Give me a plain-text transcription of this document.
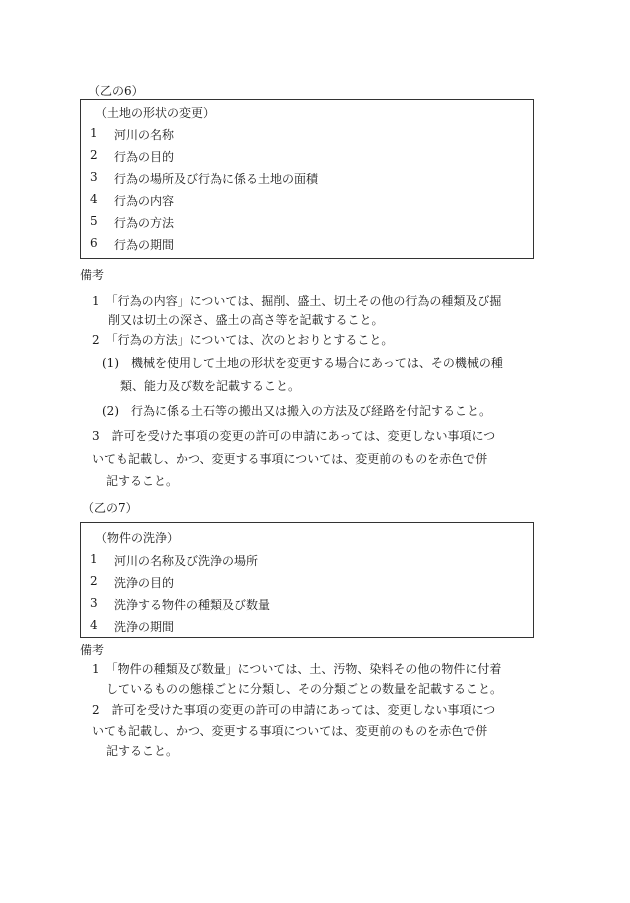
（乙の6）
（土地の形状の変更）
1 河川の名称
2 行為の目的
3 行為の場所及び行為に係る土地の面積
4 行為の内容
5 行為の方法
6 行為の期間
備考
1　「行為の内容」については、掘削、盛土、切土その他の行為の種類及び掘
削又は切土の深さ、盛土の高さ等を記載すること。
2　「行為の方法」については、次のとおりとすること。
(1)　機械を使用して土地の形状を変更する場合にあっては、その機械の種
類、能力及び数を記載すること。
(2)　行為に係る土石等の搬出又は搬入の方法及び経路を付記すること。
3　許可を受けた事項の変更の許可の申請にあっては、変更しない事項につ
いても記載し、かつ、変更する事項については、変更前のものを赤色で併
記すること。
（乙の7）
（物件の洗浄）
1 河川の名称及び洗浄の場所
2 洗浄の目的
3 洗浄する物件の種類及び数量
4 洗浄の期間
備考
1　「物件の種類及び数量」については、土、汚物、染料その他の物件に付着
しているものの態様ごとに分類し、その分類ごとの数量を記載すること。
2　許可を受けた事項の変更の許可の申請にあっては、変更しない事項につ
いても記載し、かつ、変更する事項については、変更前のものを赤色で併
記すること。
